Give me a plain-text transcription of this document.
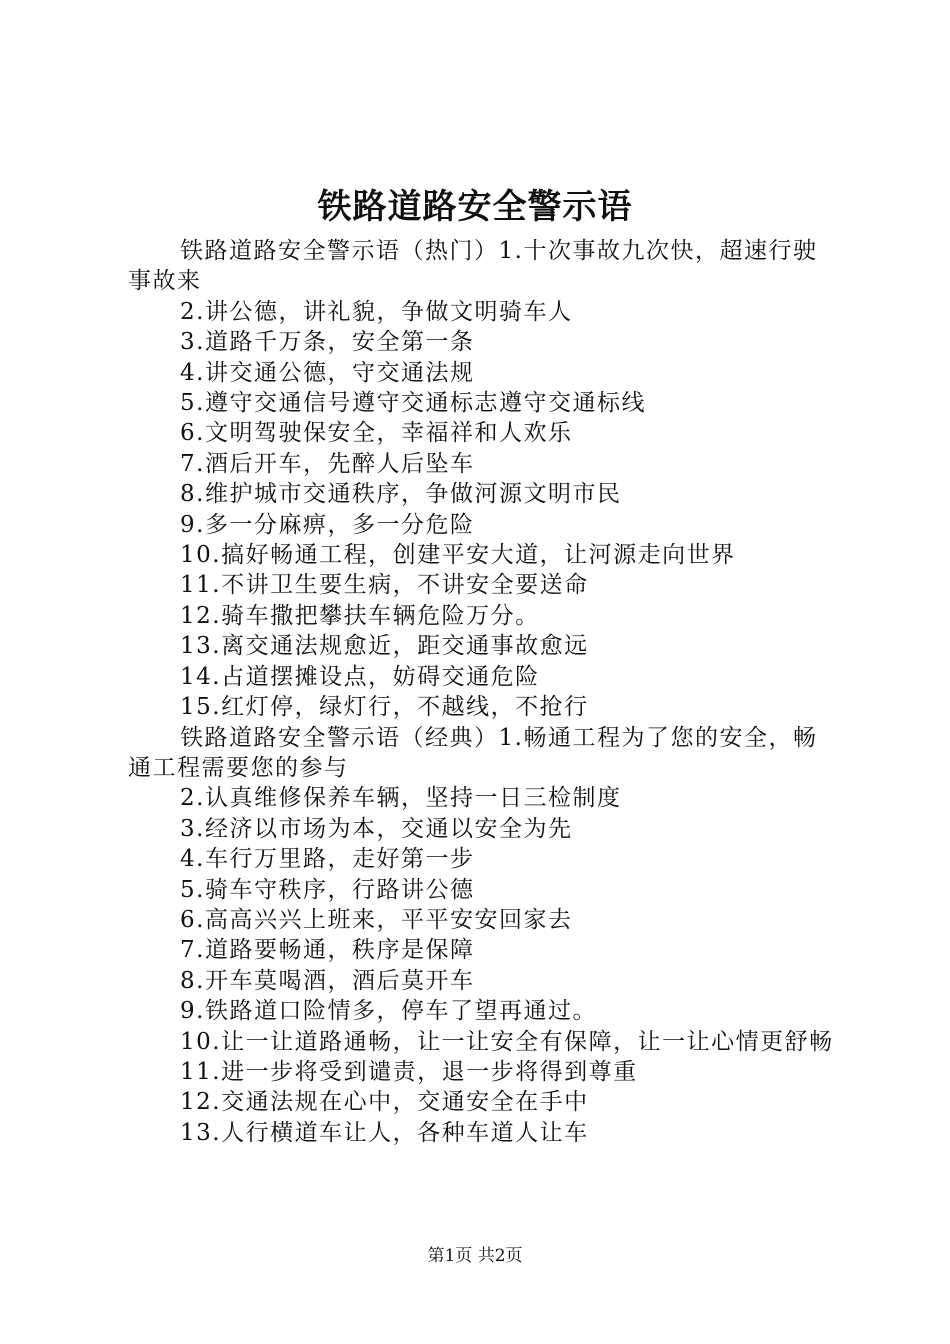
铁路道路安全警示语

铁路道路安全警示语（热门）1.十次事故九次快，超速行驶事故来

2.讲公德，讲礼貌，争做文明骑车人

3.道路千万条，安全第一条

4.讲交通公德，守交通法规

5.遵守交通信号遵守交通标志遵守交通标线

6.文明驾驶保安全，幸福祥和人欢乐

7.酒后开车，先醉人后坠车

8.维护城市交通秩序，争做河源文明市民

9.多一分麻痹，多一分危险

10.搞好畅通工程，创建平安大道，让河源走向世界

11.不讲卫生要生病，不讲安全要送命

12.骑车撒把攀扶车辆危险万分。

13.离交通法规愈近，距交通事故愈远

14.占道摆摊设点，妨碍交通危险

15.红灯停，绿灯行，不越线，不抢行

铁路道路安全警示语（经典）1.畅通工程为了您的安全，畅通工程需要您的参与

2.认真维修保养车辆，坚持一日三检制度

3.经济以市场为本，交通以安全为先

4.车行万里路，走好第一步

5.骑车守秩序，行路讲公德

6.高高兴兴上班来，平平安安回家去

7.道路要畅通，秩序是保障

8.开车莫喝酒，酒后莫开车

9.铁路道口险情多，停车了望再通过。

10.让一让道路通畅，让一让安全有保障，让一让心情更舒畅

11.进一步将受到谴责，退一步将得到尊重

12.交通法规在心中，交通安全在手中

13.人行横道车让人，各种车道人让车

第1页 共2页
